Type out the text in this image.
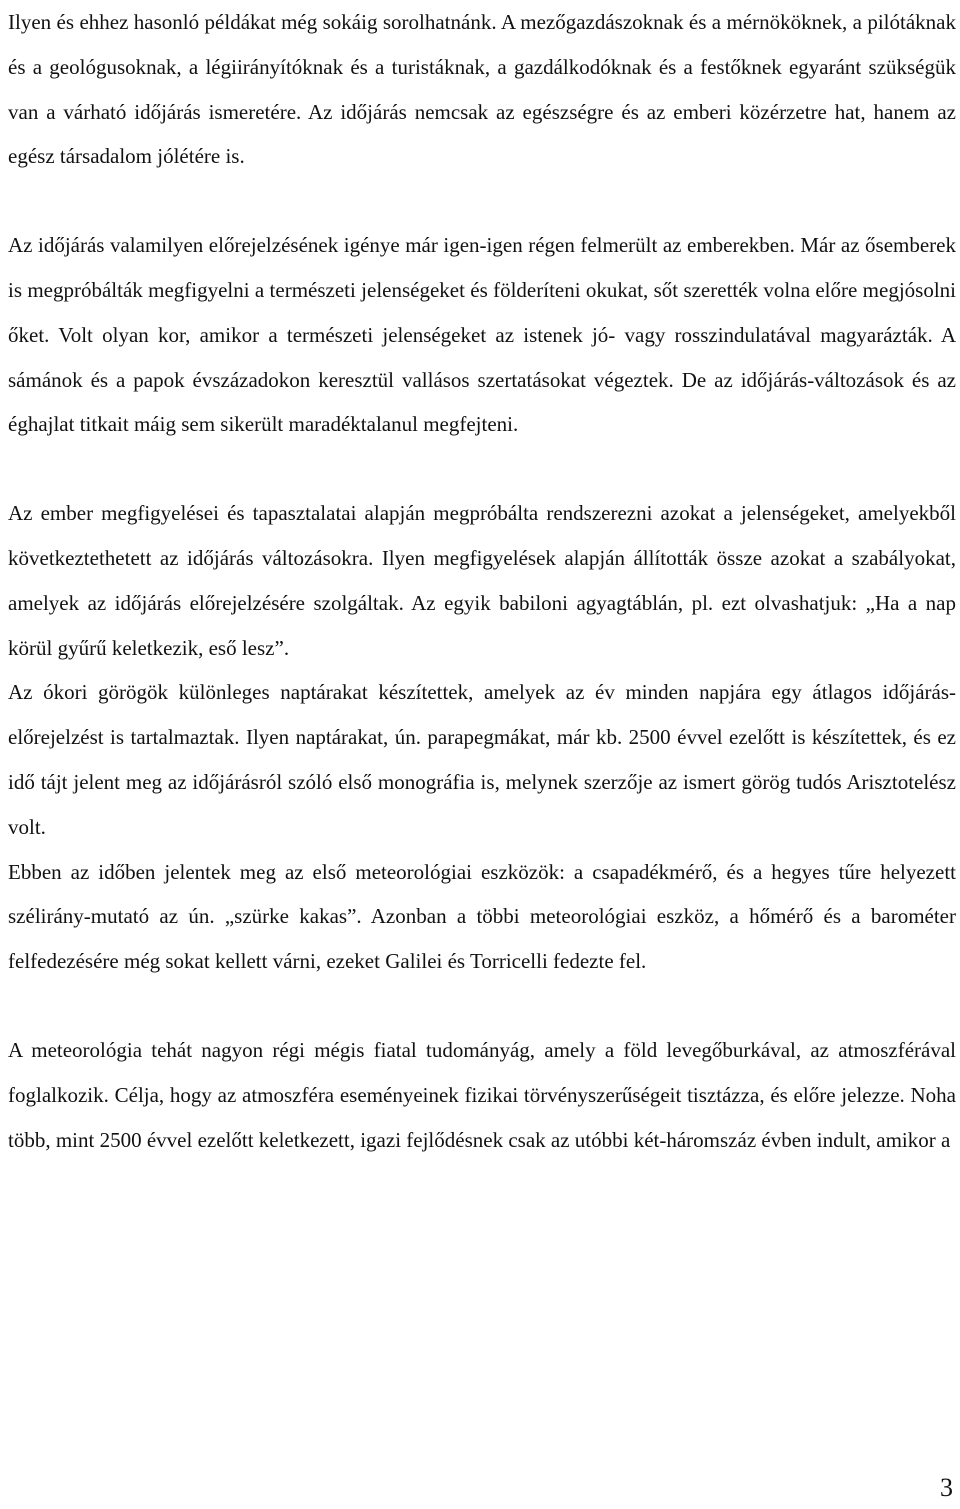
Ilyen és ehhez hasonló példákat még sokáig sorolhatnánk. A mezőgazdászoknak és a mérnököknek, a pilótáknak és a geológusoknak, a légiirányítóknak és a turistáknak, a gazdálkodóknak és a festőknek egyaránt szükségük van a várható időjárás ismeretére. Az időjárás nemcsak az egészségre és az emberi közérzetre hat, hanem az egész társadalom jólétére is.

Az időjárás valamilyen előrejelzésének igénye már igen-igen régen felmerült az emberekben. Már az ősemberek is megpróbálták megfigyelni a természeti jelenségeket és földeríteni okukat, sőt szerették volna előre megjósolni őket. Volt olyan kor, amikor a természeti jelenségeket az istenek jó- vagy rosszindulatával magyarázták. A sámánok és a papok évszázadokon keresztül vallásos szertatásokat végeztek. De az időjárás-változások és az éghajlat titkait máig sem sikerült maradéktalanul megfejteni.

Az ember megfigyelései és tapasztalatai alapján megpróbálta rendszerezni azokat a jelenségeket, amelyekből következtethetett az időjárás változásokra. Ilyen megfigyelések alapján állították össze azokat a szabályokat, amelyek az időjárás előrejelzésére szolgáltak. Az egyik babiloni agyagtáblán, pl. ezt olvashatjuk: „Ha a nap körül gyűrű keletkezik, eső lesz”.

Az ókori görögök különleges naptárakat készítettek, amelyek az év minden napjára egy átlagos időjárás-előrejelzést is tartalmaztak. Ilyen naptárakat, ún. parapegmákat, már kb. 2500 évvel ezelőtt is készítettek, és ez idő tájt jelent meg az időjárásról szóló első monográfia is, melynek szerzője az ismert görög tudós Arisztotelész volt.

Ebben az időben jelentek meg az első meteorológiai eszközök: a csapadékmérő, és a hegyes tűre helyezett szélirány-mutató az ún. „szürke kakas”. Azonban a többi meteorológiai eszköz, a hőmérő és a barométer felfedezésére még sokat kellett várni, ezeket Galilei és Torricelli fedezte fel.

A meteorológia tehát nagyon régi mégis fiatal tudományág, amely a föld levegőburkával, az atmoszférával foglalkozik. Célja, hogy az atmoszféra eseményeinek fizikai törvényszerűségeit tisztázza, és előre jelezze. Noha több, mint 2500 évvel ezelőtt keletkezett, igazi fejlődésnek csak az utóbbi két-háromszáz évben indult, amikor a

3
